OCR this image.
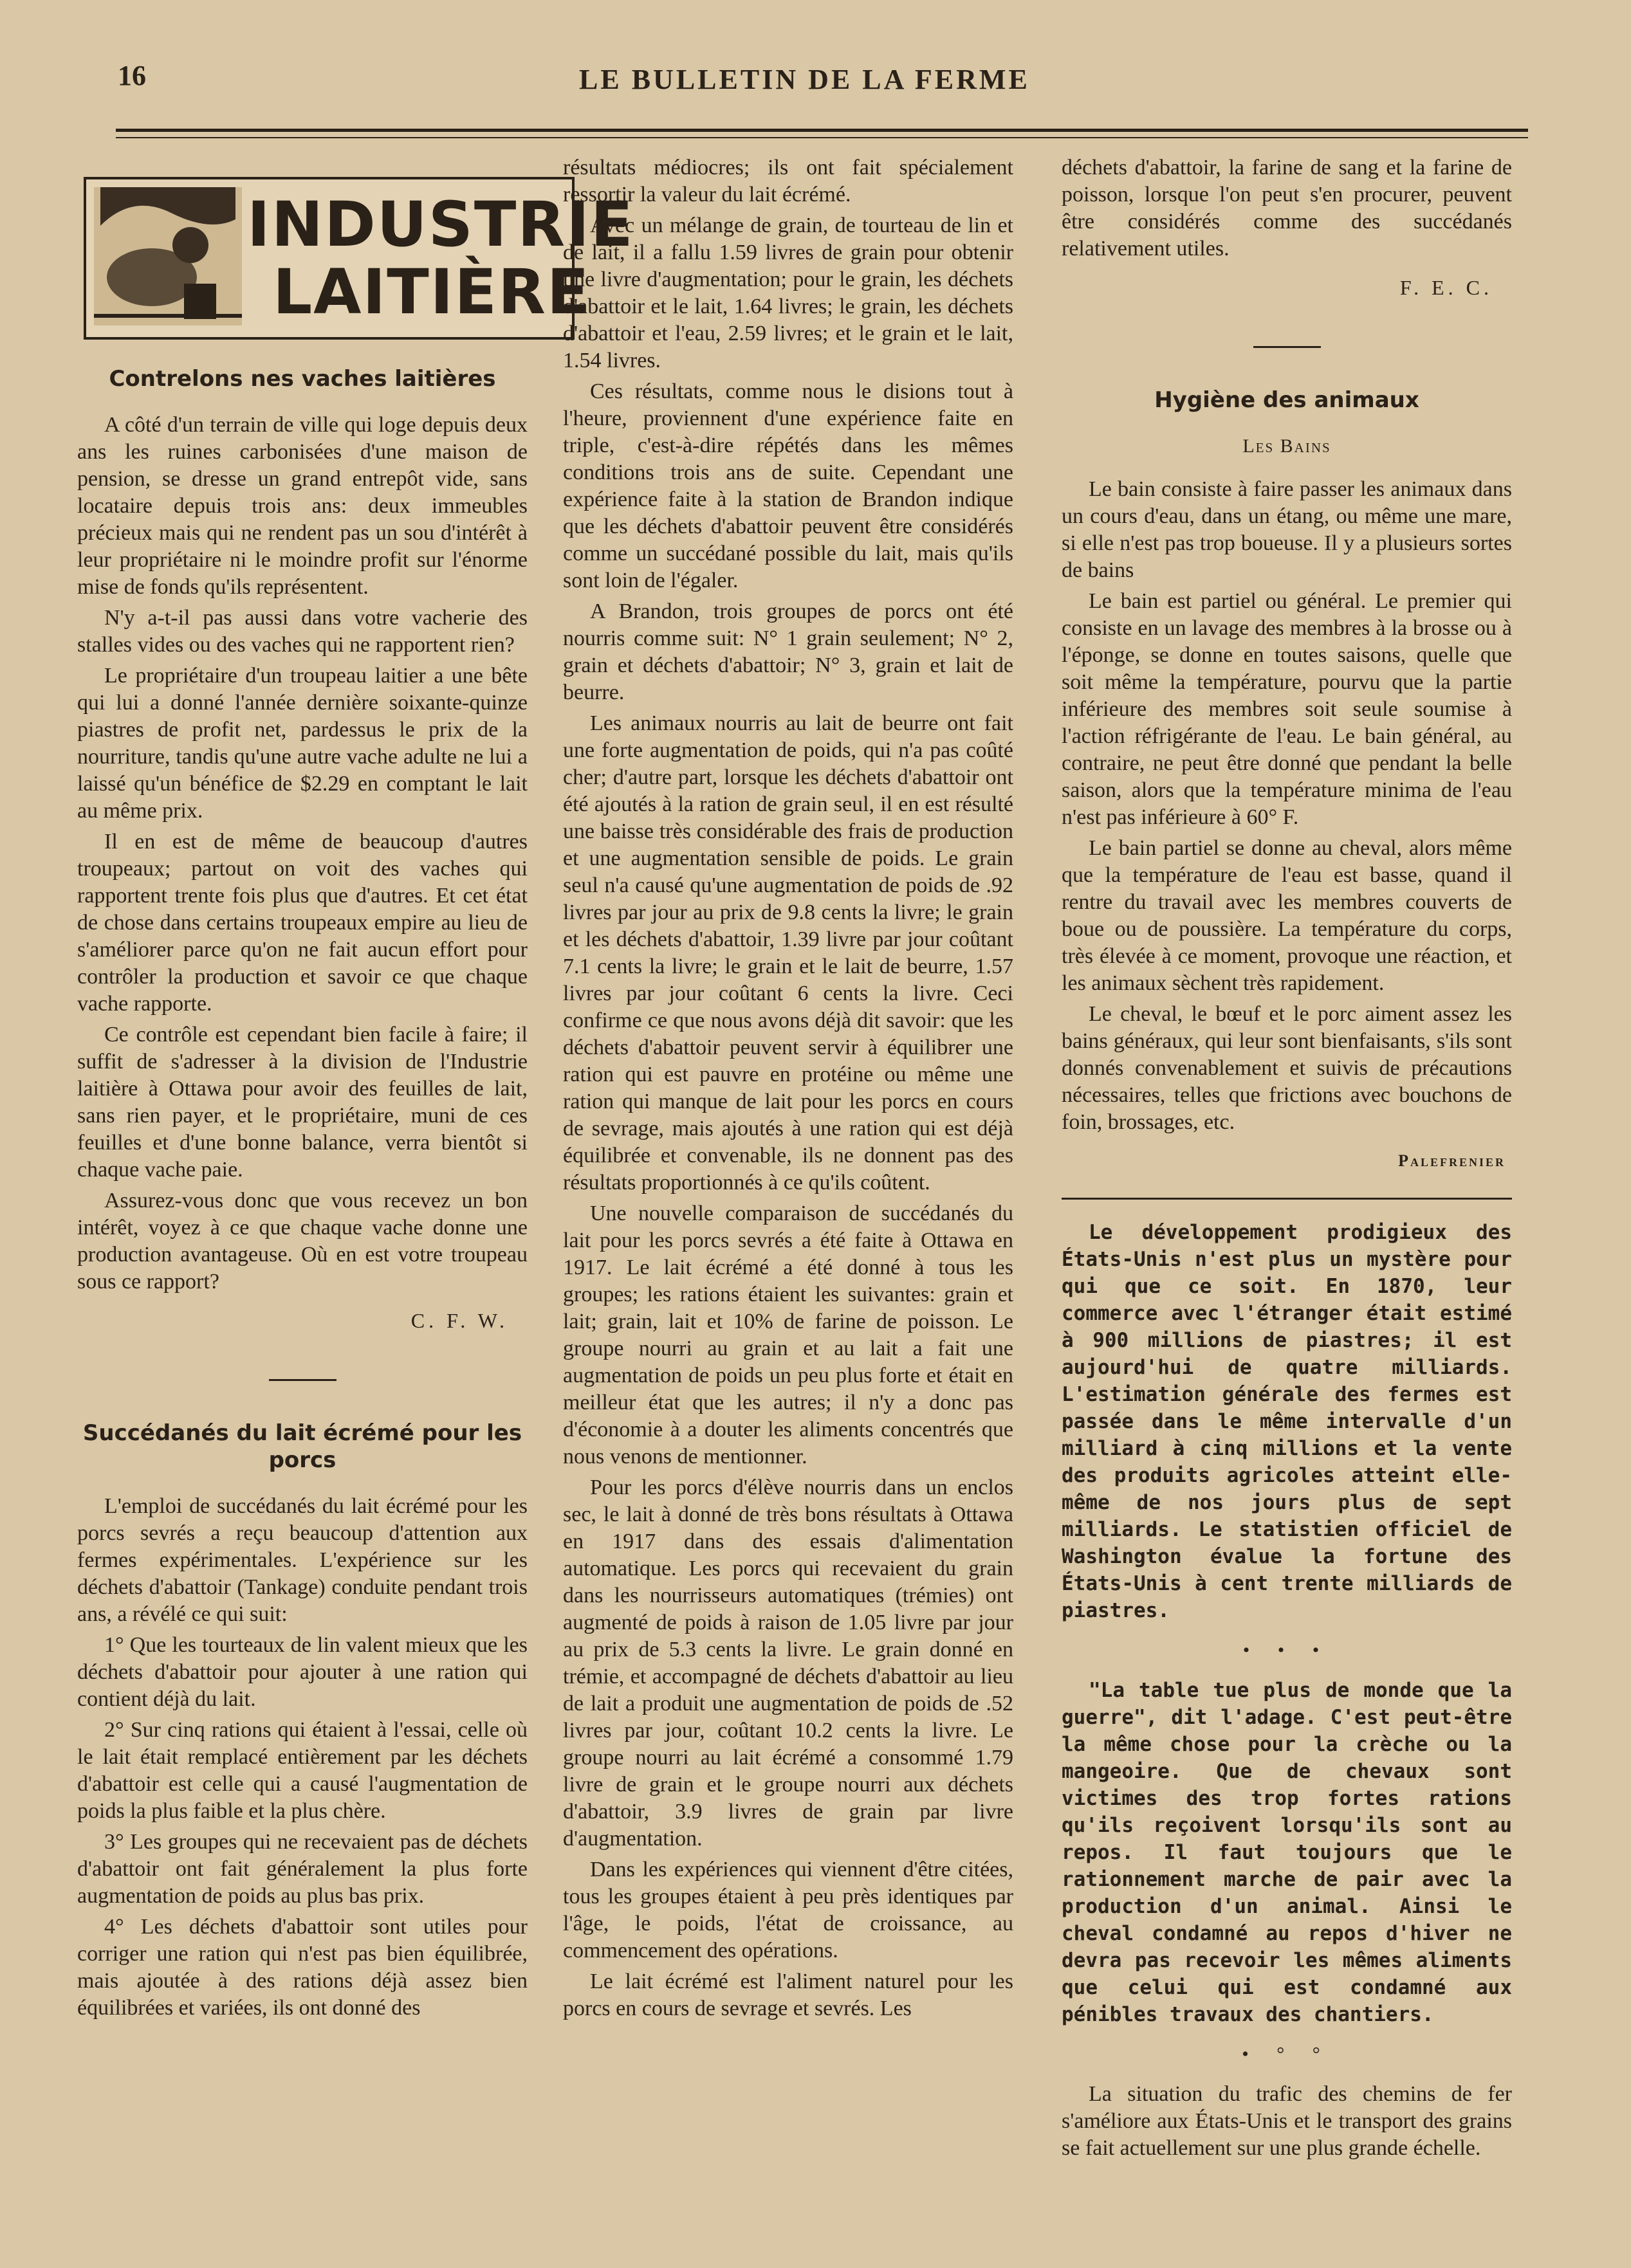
16	LE BULLETIN DE LA FERME
INDUSTRIE
LAITIÈRE
Contrelons nes vaches laitières

A côté d'un terrain de ville qui loge depuis deux ans les ruines carbonisées d'une maison de pension, se dresse un grand entrepôt vide, sans locataire depuis trois ans: deux immeubles précieux mais qui ne rendent pas un sou d'intérêt à leur propriétaire ni le moindre profit sur l'énorme mise de fonds qu'ils représentent.

N'y a-t-il pas aussi dans votre vacherie des stalles vides ou des vaches qui ne rapportent rien?

Le propriétaire d'un troupeau laitier a une bête qui lui a donné l'année dernière soixante-quinze piastres de profit net, pardessus le prix de la nourriture, tandis qu'une autre vache adulte ne lui a laissé qu'un bénéfice de $2.29 en comptant le lait au même prix.

Il en est de même de beaucoup d'autres troupeaux; partout on voit des vaches qui rapportent trente fois plus que d'autres. Et cet état de chose dans certains troupeaux empire au lieu de s'améliorer parce qu'on ne fait aucun effort pour contrôler la production et savoir ce que chaque vache rapporte.

Ce contrôle est cependant bien facile à faire; il suffit de s'adresser à la division de l'Industrie laitière à Ottawa pour avoir des feuilles de lait, sans rien payer, et le propriétaire, muni de ces feuilles et d'une bonne balance, verra bientôt si chaque vache paie.

Assurez-vous donc que vous recevez un bon intérêt, voyez à ce que chaque vache donne une production avantageuse. Où en est votre troupeau sous ce rapport?

C. F. W.
Succédanés du lait écrémé pour les porcs

L'emploi de succédanés du lait écrémé pour les porcs sevrés a reçu beaucoup d'attention aux fermes expérimentales. L'expérience sur les déchets d'abattoir (Tankage) conduite pendant trois ans, a révélé ce qui suit:

1° Que les tourteaux de lin valent mieux que les déchets d'abattoir pour ajouter à une ration qui contient déjà du lait.

2° Sur cinq rations qui étaient à l'essai, celle où le lait était remplacé entièrement par les déchets d'abattoir est celle qui a causé l'augmentation de poids la plus faible et la plus chère.

3° Les groupes qui ne recevaient pas de déchets d'abattoir ont fait généralement la plus forte augmentation de poids au plus bas prix.

4° Les déchets d'abattoir sont utiles pour corriger une ration qui n'est pas bien équilibrée, mais ajoutée à des rations déjà assez bien équilibrées et variées, ils ont donné des

résultats médiocres; ils ont fait spécialement ressortir la valeur du lait écrémé.

Avec un mélange de grain, de tourteau de lin et de lait, il a fallu 1.59 livres de grain pour obtenir une livre d'augmentation; pour le grain, les déchets d'abattoir et le lait, 1.64 livres; le grain, les déchets d'abattoir et l'eau, 2.59 livres; et le grain et le lait, 1.54 livres.

Ces résultats, comme nous le disions tout à l'heure, proviennent d'une expérience faite en triple, c'est-à-dire répétés dans les mêmes conditions trois ans de suite. Cependant une expérience faite à la station de Brandon indique que les déchets d'abattoir peuvent être considérés comme un succédané possible du lait, mais qu'ils sont loin de l'égaler.

A Brandon, trois groupes de porcs ont été nourris comme suit: N° 1 grain seulement; N° 2, grain et déchets d'abattoir; N° 3, grain et lait de beurre.

Les animaux nourris au lait de beurre ont fait une forte augmentation de poids, qui n'a pas coûté cher; d'autre part, lorsque les déchets d'abattoir ont été ajoutés à la ration de grain seul, il en est résulté une baisse très considérable des frais de production et une augmentation sensible de poids. Le grain seul n'a causé qu'une augmentation de poids de .92 livres par jour au prix de 9.8 cents la livre; le grain et les déchets d'abattoir, 1.39 livre par jour coûtant 7.1 cents la livre; le grain et le lait de beurre, 1.57 livres par jour coûtant 6 cents la livre. Ceci confirme ce que nous avons déjà dit savoir: que les déchets d'abattoir peuvent servir à équilibrer une ration qui est pauvre en protéine ou même une ration qui manque de lait pour les porcs en cours de sevrage, mais ajoutés à une ration qui est déjà équilibrée et convenable, ils ne donnent pas des résultats proportionnés à ce qu'ils coûtent.

Une nouvelle comparaison de succédanés du lait pour les porcs sevrés a été faite à Ottawa en 1917. Le lait écrémé a été donné à tous les groupes; les rations étaient les suivantes: grain et lait; grain, lait et 10% de farine de poisson. Le groupe nourri au grain et au lait a fait une augmentation de poids un peu plus forte et était en meilleur état que les autres; il n'y a donc pas d'économie à a douter les aliments concentrés que nous venons de mentionner.

Pour les porcs d'élève nourris dans un enclos sec, le lait à donné de très bons résultats à Ottawa en 1917 dans des essais d'alimentation automatique. Les porcs qui recevaient du grain dans les nourrisseurs automatiques (trémies) ont augmenté de poids à raison de 1.05 livre par jour au prix de 5.3 cents la livre. Le grain donné en trémie, et accompagné de déchets d'abattoir au lieu de lait a produit une augmentation de poids de .52 livres par jour, coûtant 10.2 cents la livre. Le groupe nourri au lait écrémé a consommé 1.79 livre de grain et le groupe nourri aux déchets d'abattoir, 3.9 livres de grain par livre d'augmentation.

Dans les expériences qui viennent d'être citées, tous les groupes étaient à peu près identiques par l'âge, le poids, l'état de croissance, au commencement des opérations.

Le lait écrémé est l'aliment naturel pour les porcs en cours de sevrage et sevrés. Les

déchets d'abattoir, la farine de sang et la farine de poisson, lorsque l'on peut s'en procurer, peuvent être considérés comme des succédanés relativement utiles.

F. E. C.
Hygiène des animaux
Les Bains

Le bain consiste à faire passer les animaux dans un cours d'eau, dans un étang, ou même une mare, si elle n'est pas trop boueuse. Il y a plusieurs sortes de bains

Le bain est partiel ou général. Le premier qui consiste en un lavage des membres à la brosse ou à l'éponge, se donne en toutes saisons, quelle que soit même la température, pourvu que la partie inférieure des membres soit seule soumise à l'action réfrigérante de l'eau. Le bain général, au contraire, ne peut être donné que pendant la belle saison, alors que la température minima de l'eau n'est pas inférieure à 60° F.

Le bain partiel se donne au cheval, alors même que la température de l'eau est basse, quand il rentre du travail avec les membres couverts de boue ou de poussière. La température du corps, très élevée à ce moment, provoque une réaction, et les animaux sèchent très rapidement.

Le cheval, le bœuf et le porc aiment assez les bains généraux, qui leur sont bienfaisants, s'ils sont donnés convenablement et suivis de précautions nécessaires, telles que frictions avec bouchons de foin, brossages, etc.

Palefrenier

Le développement prodigieux des États-Unis n'est plus un mystère pour qui que ce soit. En 1870, leur commerce avec l'étranger était estimé à 900 millions de piastres; il est aujourd'hui de quatre milliards. L'estimation générale des fermes est passée dans le même intervalle d'un milliard à cinq millions et la vente des produits agricoles atteint elle-même de nos jours plus de sept milliards. Le statistien officiel de Washington évalue la fortune des États-Unis à cent trente milliards de piastres.

• • •

"La table tue plus de monde que la guerre", dit l'adage. C'est peut-être la même chose pour la crèche ou la mangeoire. Que de chevaux sont victimes des trop fortes rations qu'ils reçoivent lorsqu'ils sont au repos. Il faut toujours que le rationnement marche de pair avec la production d'un animal. Ainsi le cheval condamné au repos d'hiver ne devra pas recevoir les mêmes aliments que celui qui est condamné aux pénibles travaux des chantiers.

• ° °

La situation du trafic des chemins de fer s'améliore aux États-Unis et le transport des grains se fait actuellement sur une plus grande échelle.
